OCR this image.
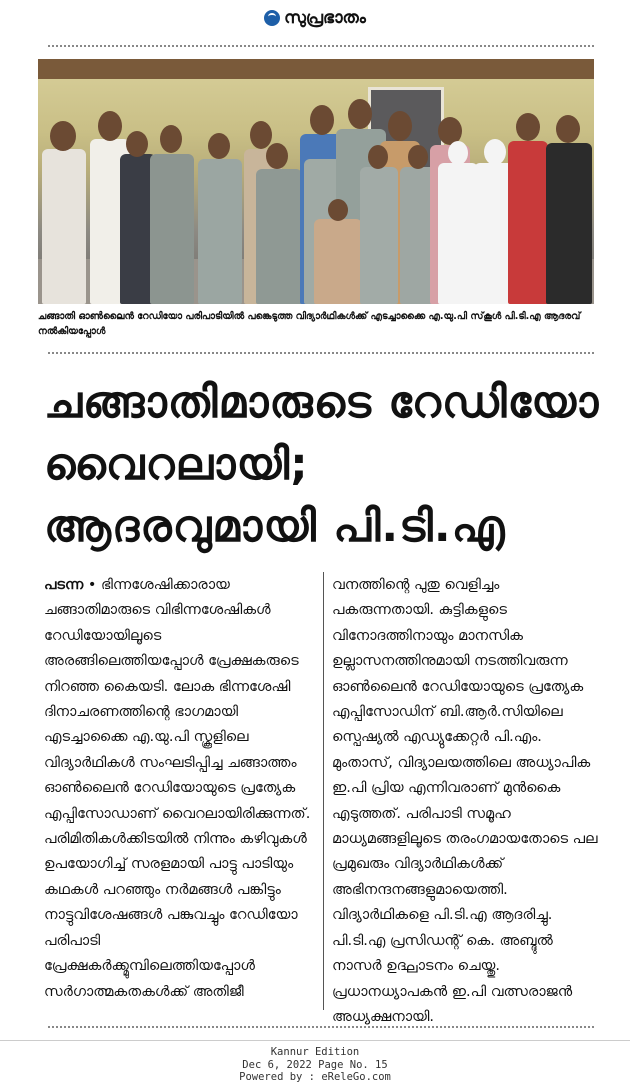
സുപ്രഭാതം
ചങ്ങാതി ഓൺലൈൻ റേഡിയോ പരിപാടിയിൽ പങ്കെടുത്ത വിദ്യാർഥികൾക്ക് എടച്ചാക്കൈ എ.യു.പി സ്‌കൂൾ പി.ടി.എ ആദരവ് നൽകിയപ്പോൾ
ചങ്ങാതിമാരുടെ റേഡിയോ
വൈറലായി;
ആദരവുമായി പി.ടി.എ

പടന്ന • ഭിന്നശേഷിക്കാരായ ചങ്ങാതിമാരുടെ വിഭിന്നശേഷികൾ റേഡിയോയിലൂടെ അരങ്ങിലെത്തിയപ്പോൾ പ്രേക്ഷകരുടെ നിറഞ്ഞ കൈയടി. ലോക ഭിന്നശേഷി ദിനാചരണത്തിന്റെ ഭാഗമായി എടച്ചാക്കൈ എ.യു.പി സ്കൂളിലെ വിദ്യാർഥികൾ സംഘടിപ്പിച്ച ചങ്ങാത്തം ഓൺലൈൻ റേഡിയോയുടെ പ്രത്യേക എപ്പിസോഡാണ് വൈറലായിരിക്കുന്നത്. പരിമിതികൾക്കിടയിൽ നിന്നും കഴിവുകൾ ഉപയോഗിച്ച് സരളമായി പാട്ടു പാടിയും കഥകൾ പറഞ്ഞും നർമങ്ങൾ പങ്കിട്ടും നാട്ടുവിശേഷങ്ങൾ പങ്കുവച്ചും റേഡിയോ പരിപാടി പ്രേക്ഷകർക്ക്മുമ്പിലെത്തിയപ്പോൾ സർഗാത്മകതകൾക്ക് അതിജീ

വനത്തിന്റെ പുതു വെളിച്ചം പകരുന്നതായി. കുട്ടികളുടെ വിനോദത്തിനായും മാനസിക ഉല്ലാസനത്തിനുമായി നടത്തിവരുന്ന ഓൺലൈൻ റേഡിയോയുടെ പ്രത്യേക എപ്പിസോഡിന് ബി.ആർ.സിയിലെ സ്പെഷ്യൽ എഡ്യുക്കേറ്റർ പി.എം. മുംതാസ്, വിദ്യാലയത്തിലെ അധ്യാപിക ഇ.പി പ്രിയ എന്നിവരാണ് മുൻകൈ എടുത്തത്. പരിപാടി സമൂഹ മാധ്യമങ്ങളിലൂടെ തരംഗമായതോടെ പല പ്രമുഖരും വിദ്യാർഥികൾക്ക് അഭിനന്ദനങ്ങളുമായെത്തി. വിദ്യാർഥികളെ പി.ടി.എ ആദരിച്ചു. പി.ടി.എ പ്രസിഡന്റ് കെ. അബ്ദുൽ നാസർ ഉദ്ഘാടനം ചെയ്തു. പ്രധാനധ്യാപകൻ ഇ.പി വത്സരാജൻ അധ്യക്ഷനായി.

Kannur Edition
Dec 6, 2022 Page No. 15
Powered by : eReleGo.com
